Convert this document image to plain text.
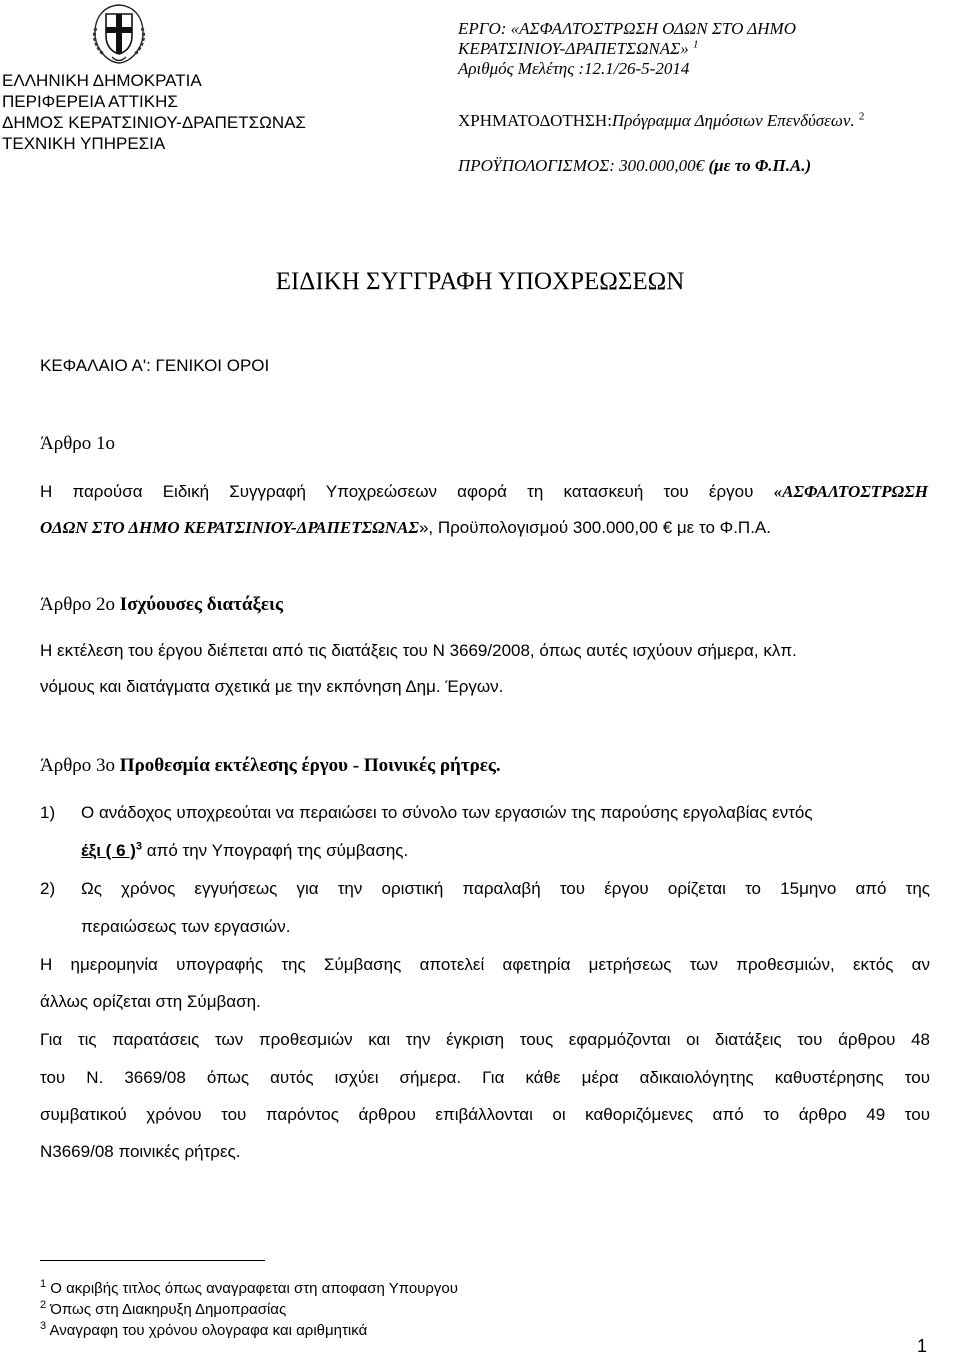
ΕΛΛΗΝΙΚΗ ΔΗΜΟΚΡΑΤΙΑ
ΠΕΡΙΦΕΡΕΙΑ ΑΤΤΙΚΗΣ
ΔΗΜΟΣ ΚΕΡΑΤΣΙΝΙΟΥ-ΔΡΑΠΕΤΣΩΝΑΣ
ΤΕΧΝΙΚΗ ΥΠΗΡΕΣΙΑ
ΕΡΓΟ: «ΑΣΦΑΛΤΟΣΤΡΩΣΗ ΟΔΩΝ ΣΤΟ ΔΗΜΟ
ΚΕΡΑΤΣΙΝΙΟΥ-ΔΡΑΠΕΤΣΩΝΑΣ» $^1$
Αριθμός Μελέτης :12.1/26-5-2014
ΧΡΗΜΑΤΟΔΟΤΗΣΗ:Πρόγραμμα Δημόσιων Επενδύσεων. $^2$
ΠΡΟΫΠΟΛΟΓΙΣΜΟΣ: 300.000,00€ (με το Φ.Π.Α.)
ΕΙΔΙΚΗ ΣΥΓΓΡΑΦΗ ΥΠΟΧΡΕΩΣΕΩΝ
ΚΕΦΑΛΑΙΟ Α': ΓΕΝΙΚΟΙ ΟΡΟΙ
Άρθρο 1ο
Η παρούσα Ειδική Συγγραφή Υποχρεώσεων αφορά τη κατασκευή του έργου «ΑΣΦΑΛΤΟΣΤΡΩΣΗ
ΟΔΩΝ ΣΤΟ ΔΗΜΟ ΚΕΡΑΤΣΙΝΙΟΥ-ΔΡΑΠΕΤΣΩΝΑΣ», Προϋπολογισμού 300.000,00 € με το Φ.Π.Α.
Άρθρο 2ο Ισχύουσες διατάξεις
Η εκτέλεση του έργου διέπεται από τις διατάξεις του Ν 3669/2008, όπως αυτές ισχύουν σήμερα, κλπ.
νόμους και διατάγματα σχετικά με την εκπόνηση Δημ. Έργων.
Άρθρο 3ο Προθεσμία εκτέλεσης έργου - Ποινικές ρήτρες.
1) Ο ανάδοχος υποχρεούται να περαιώσει το σύνολο των εργασιών της παρούσης εργολαβίας εντός
έξι ( 6 )$^3$ από την Υπογραφή της σύμβασης.
2) Ως χρόνος εγγυήσεως για την οριστική παραλαβή του έργου ορίζεται το 15μηνο από της
περαιώσεως των εργασιών.
Η ημερομηνία υπογραφής της Σύμβασης αποτελεί αφετηρία μετρήσεως των προθεσμιών, εκτός αν
άλλως ορίζεται στη Σύμβαση.
Για τις παρατάσεις των προθεσμιών και την έγκριση τους εφαρμόζονται οι διατάξεις του άρθρου 48
του Ν. 3669/08 όπως αυτός ισχύει σήμερα. Για κάθε μέρα αδικαιολόγητης καθυστέρησης του
συμβατικού χρόνου του παρόντος άρθρου επιβάλλονται οι καθοριζόμενες από το άρθρο 49 του
Ν3669/08 ποινικές ρήτρες.
$^1$ Ο ακριβής τιτλος όπως αναγραφεται στη αποφαση Υπουργου
$^2$ Όπως στη Διακηρυξη Δημοπρασίας
$^3$ Αναγραφη του χρόνου ολογραφα και αριθμητικά
1
